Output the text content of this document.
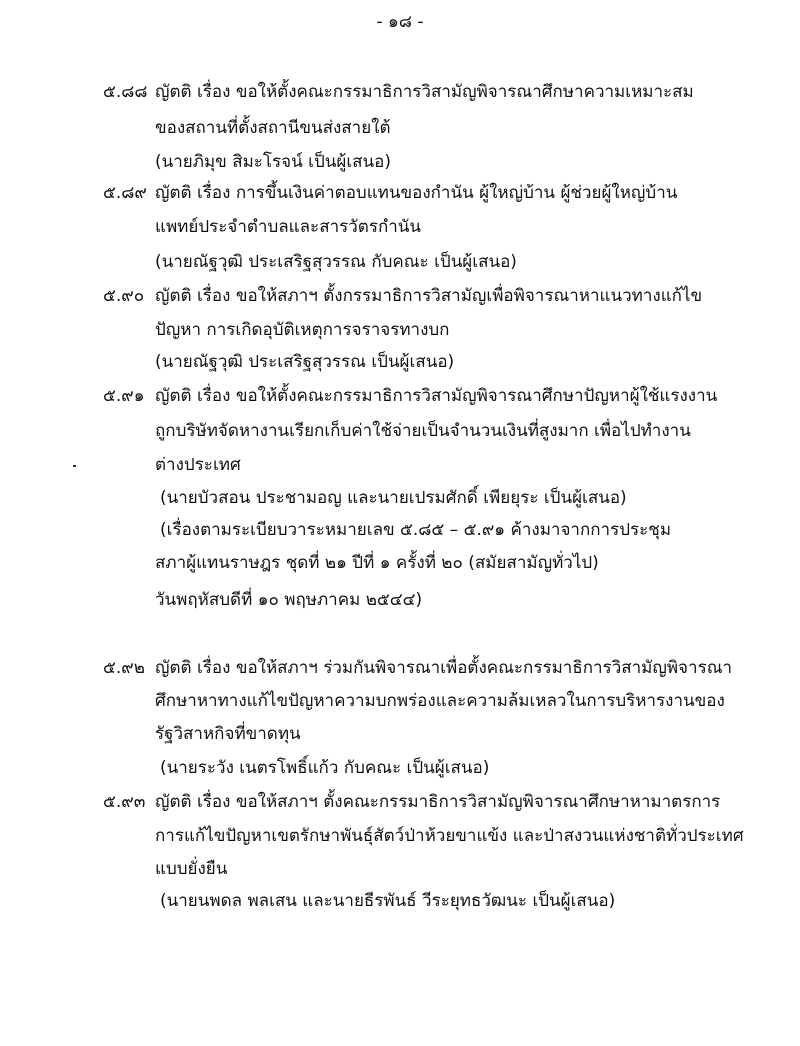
- ๑๘ -
๕.๘๘ ญัตติ เรื่อง ขอให้ตั้งคณะกรรมาธิการวิสามัญพิจารณาศึกษาความเหมาะสม
ของสถานที่ตั้งสถานีขนส่งสายใต้
(นายภิมุข สิมะโรจน์ เป็นผู้เสนอ)
๕.๘๙ ญัตติ เรื่อง การขึ้นเงินค่าตอบแทนของกำนัน ผู้ใหญ่บ้าน ผู้ช่วยผู้ใหญ่บ้าน
แพทย์ประจำตำบลและสารวัตรกำนัน
(นายณัฐวุฒิ ประเสริฐสุวรรณ กับคณะ เป็นผู้เสนอ)
๕.๙๐ ญัตติ เรื่อง ขอให้สภาฯ ตั้งกรรมาธิการวิสามัญเพื่อพิจารณาหาแนวทางแก้ไข
ปัญหา การเกิดอุบัติเหตุการจราจรทางบก
(นายณัฐวุฒิ ประเสริฐสุวรรณ เป็นผู้เสนอ)
๕.๙๑ ญัตติ เรื่อง ขอให้ตั้งคณะกรรมาธิการวิสามัญพิจารณาศึกษาปัญหาผู้ใช้แรงงาน
ถูกบริษัทจัดหางานเรียกเก็บค่าใช้จ่ายเป็นจำนวนเงินที่สูงมาก เพื่อไปทำงาน
ต่างประเทศ
(นายบัวสอน ประชามอญ และนายเปรมศักดิ์ เพียยุระ เป็นผู้เสนอ)
(เรื่องตามระเบียบวาระหมายเลข ๕.๘๕ – ๕.๙๑ ค้างมาจากการประชุม
สภาผู้แทนราษฎร ชุดที่ ๒๑ ปีที่ ๑ ครั้งที่ ๒๐ (สมัยสามัญทั่วไป)
วันพฤหัสบดีที่ ๑๐ พฤษภาคม ๒๕๔๔)
๕.๙๒ ญัตติ เรื่อง ขอให้สภาฯ ร่วมกันพิจารณาเพื่อตั้งคณะกรรมาธิการวิสามัญพิจารณา
ศึกษาหาทางแก้ไขปัญหาความบกพร่องและความล้มเหลวในการบริหารงานของ
รัฐวิสาหกิจที่ขาดทุน
(นายระวัง เนตรโพธิ์แก้ว กับคณะ เป็นผู้เสนอ)
๕.๙๓ ญัตติ เรื่อง ขอให้สภาฯ ตั้งคณะกรรมาธิการวิสามัญพิจารณาศึกษาหามาตรการ
การแก้ไขปัญหาเขตรักษาพันธุ์สัตว์ป่าห้วยขาแข้ง และป่าสงวนแห่งชาติทั่วประเทศ
แบบยั่งยืน
(นายนพดล พลเสน และนายธีรพันธ์ วีระยุทธวัฒนะ เป็นผู้เสนอ)
